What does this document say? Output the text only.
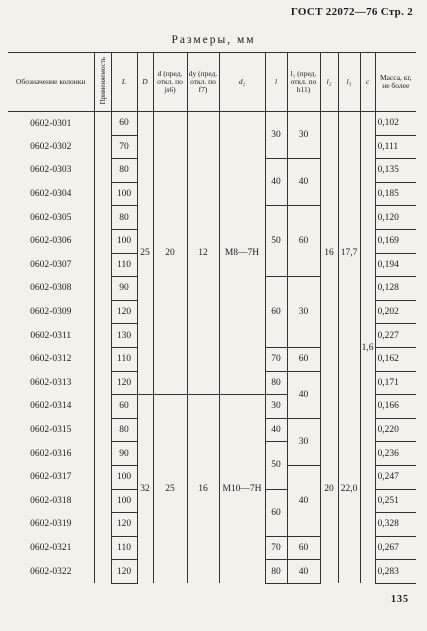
ГОСТ 22072—76 Стр. 2
Размеры, мм
Обозначение колонки	Применяемость	L	D	d (пред. откл. по js6)	dу (пред. откл. по f7)	d₂	l	l₁ (пред. откл. по h11)	l₂	l₃	c	Масса, кг, не более
0602-0301		60	25	20	12	M8—7H	30	30	16	17,7	1,6	0,102
0602-0302		70										0,111
0602-0303		80					40	40				0,135
0602-0304		100										0,185
0602-0305		80					50	60				0,120
0602-0306		100										0,169
0602-0307		110										0,194
0602-0308		90					60	30				0,128
0602-0309		120										0,202
0602-0311		130										0,227
0602-0312		110					70	60				0,162
0602-0313		120					80	40				0,171
0602-0314		60	32	25	16	M10—7H	30		20	22,0		0,166
0602-0315		80					40	30				0,220
0602-0316		90					50					0,236
0602-0317		100						40				0,247
0602-0318		100					60					0,251
0602-0319		120										0,328
0602-0321		110					70	60				0,267
0602-0322		120					80	40				0,283
135
